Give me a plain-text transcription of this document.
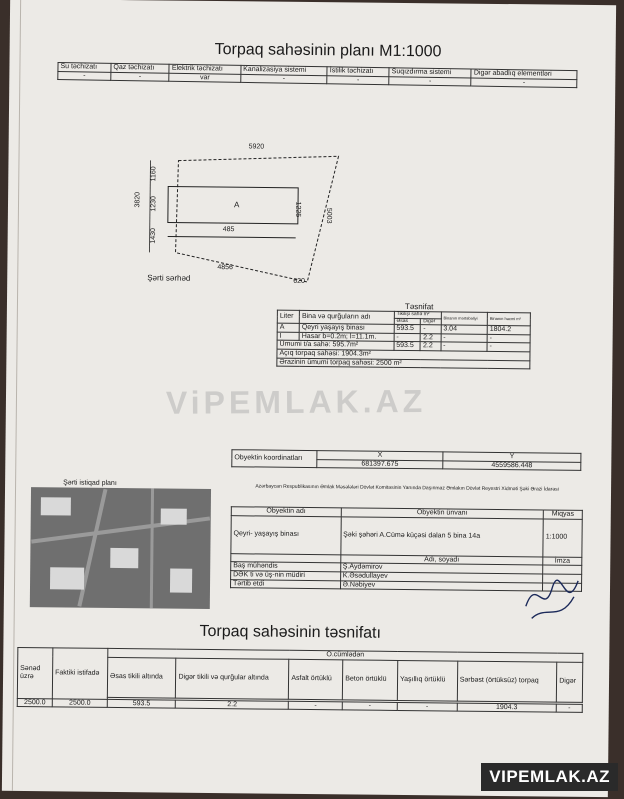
Torpaq sahəsinin planı M1:1000
Su təchizatı	Qaz təchizatı	Elektrik təchizatı	Kanalizasiya sistemi	İstilik təchizatı	Suqızdırma sistemi	Digər abadlıq elementləri
-	-	var	-	-	-	-
5920
485
4856
A
5003
1225
3820
1160
1230
1430
620
Şərti sərhəd
Təsnifat
Liter	Bina və qurğuların adı	Tikilişi sahə m²		Binanın mərtəbəliyi	Binanın həcmi m³
		Əsas	Digər		
A	Qeyri yaşayış binası	593.5	-	3.04	1804.2
I	Hasar b=0.2m; l=11.1m.	-	2.2	-	-
Ümumi t/a sahə: 595.7m²		593.5	2.2	-	-
Açıq torpaq sahəsi: 1904.3m²					
Ərazinin ümumi torpaq sahəsi: 2500 m²					
ViPEMLAK.AZ
Obyektin koordinatları	X	Y
	681397.675	4559586.448
Azərbaycan Respublikasının Əmlak Məsələləri Dövlət Komitəsinin Yanında Daşınmaz Əmlakın Dövlət Reyestri Xidməti Şəki Ərazi İdarəsi
Şərti istiqad planı
Obyektin adı	Obyektin ünvanı	Miqyas
Qeyri- yaşayış binası	Şəki şəhəri A.Cümə küçəsi dalan 5 bina 14a	1:1000
	Adı, soyadı	İmza
Baş mühəndis	Ş.Aydəmirov	
DƏK ti və üş-nin müdiri	K.Əsədullayev	
Tərtib etdi	Ə.Nəbiyev	
Torpaq sahəsinin təsnifatı
Sənəd üzrə	Faktiki istifadə	O.cümlədən						
		Əsas tikili altında	Digər tikili və qurğular altında	Asfalt örtüklü	Beton örtüklü	Yaşıllıq örtüklü	Sərbəst (örtüksüz) torpaq	Digər

2500.0	2500.0	593.5	2.2	-	-	-	1904.3	-
VIPEMLAK.AZ
